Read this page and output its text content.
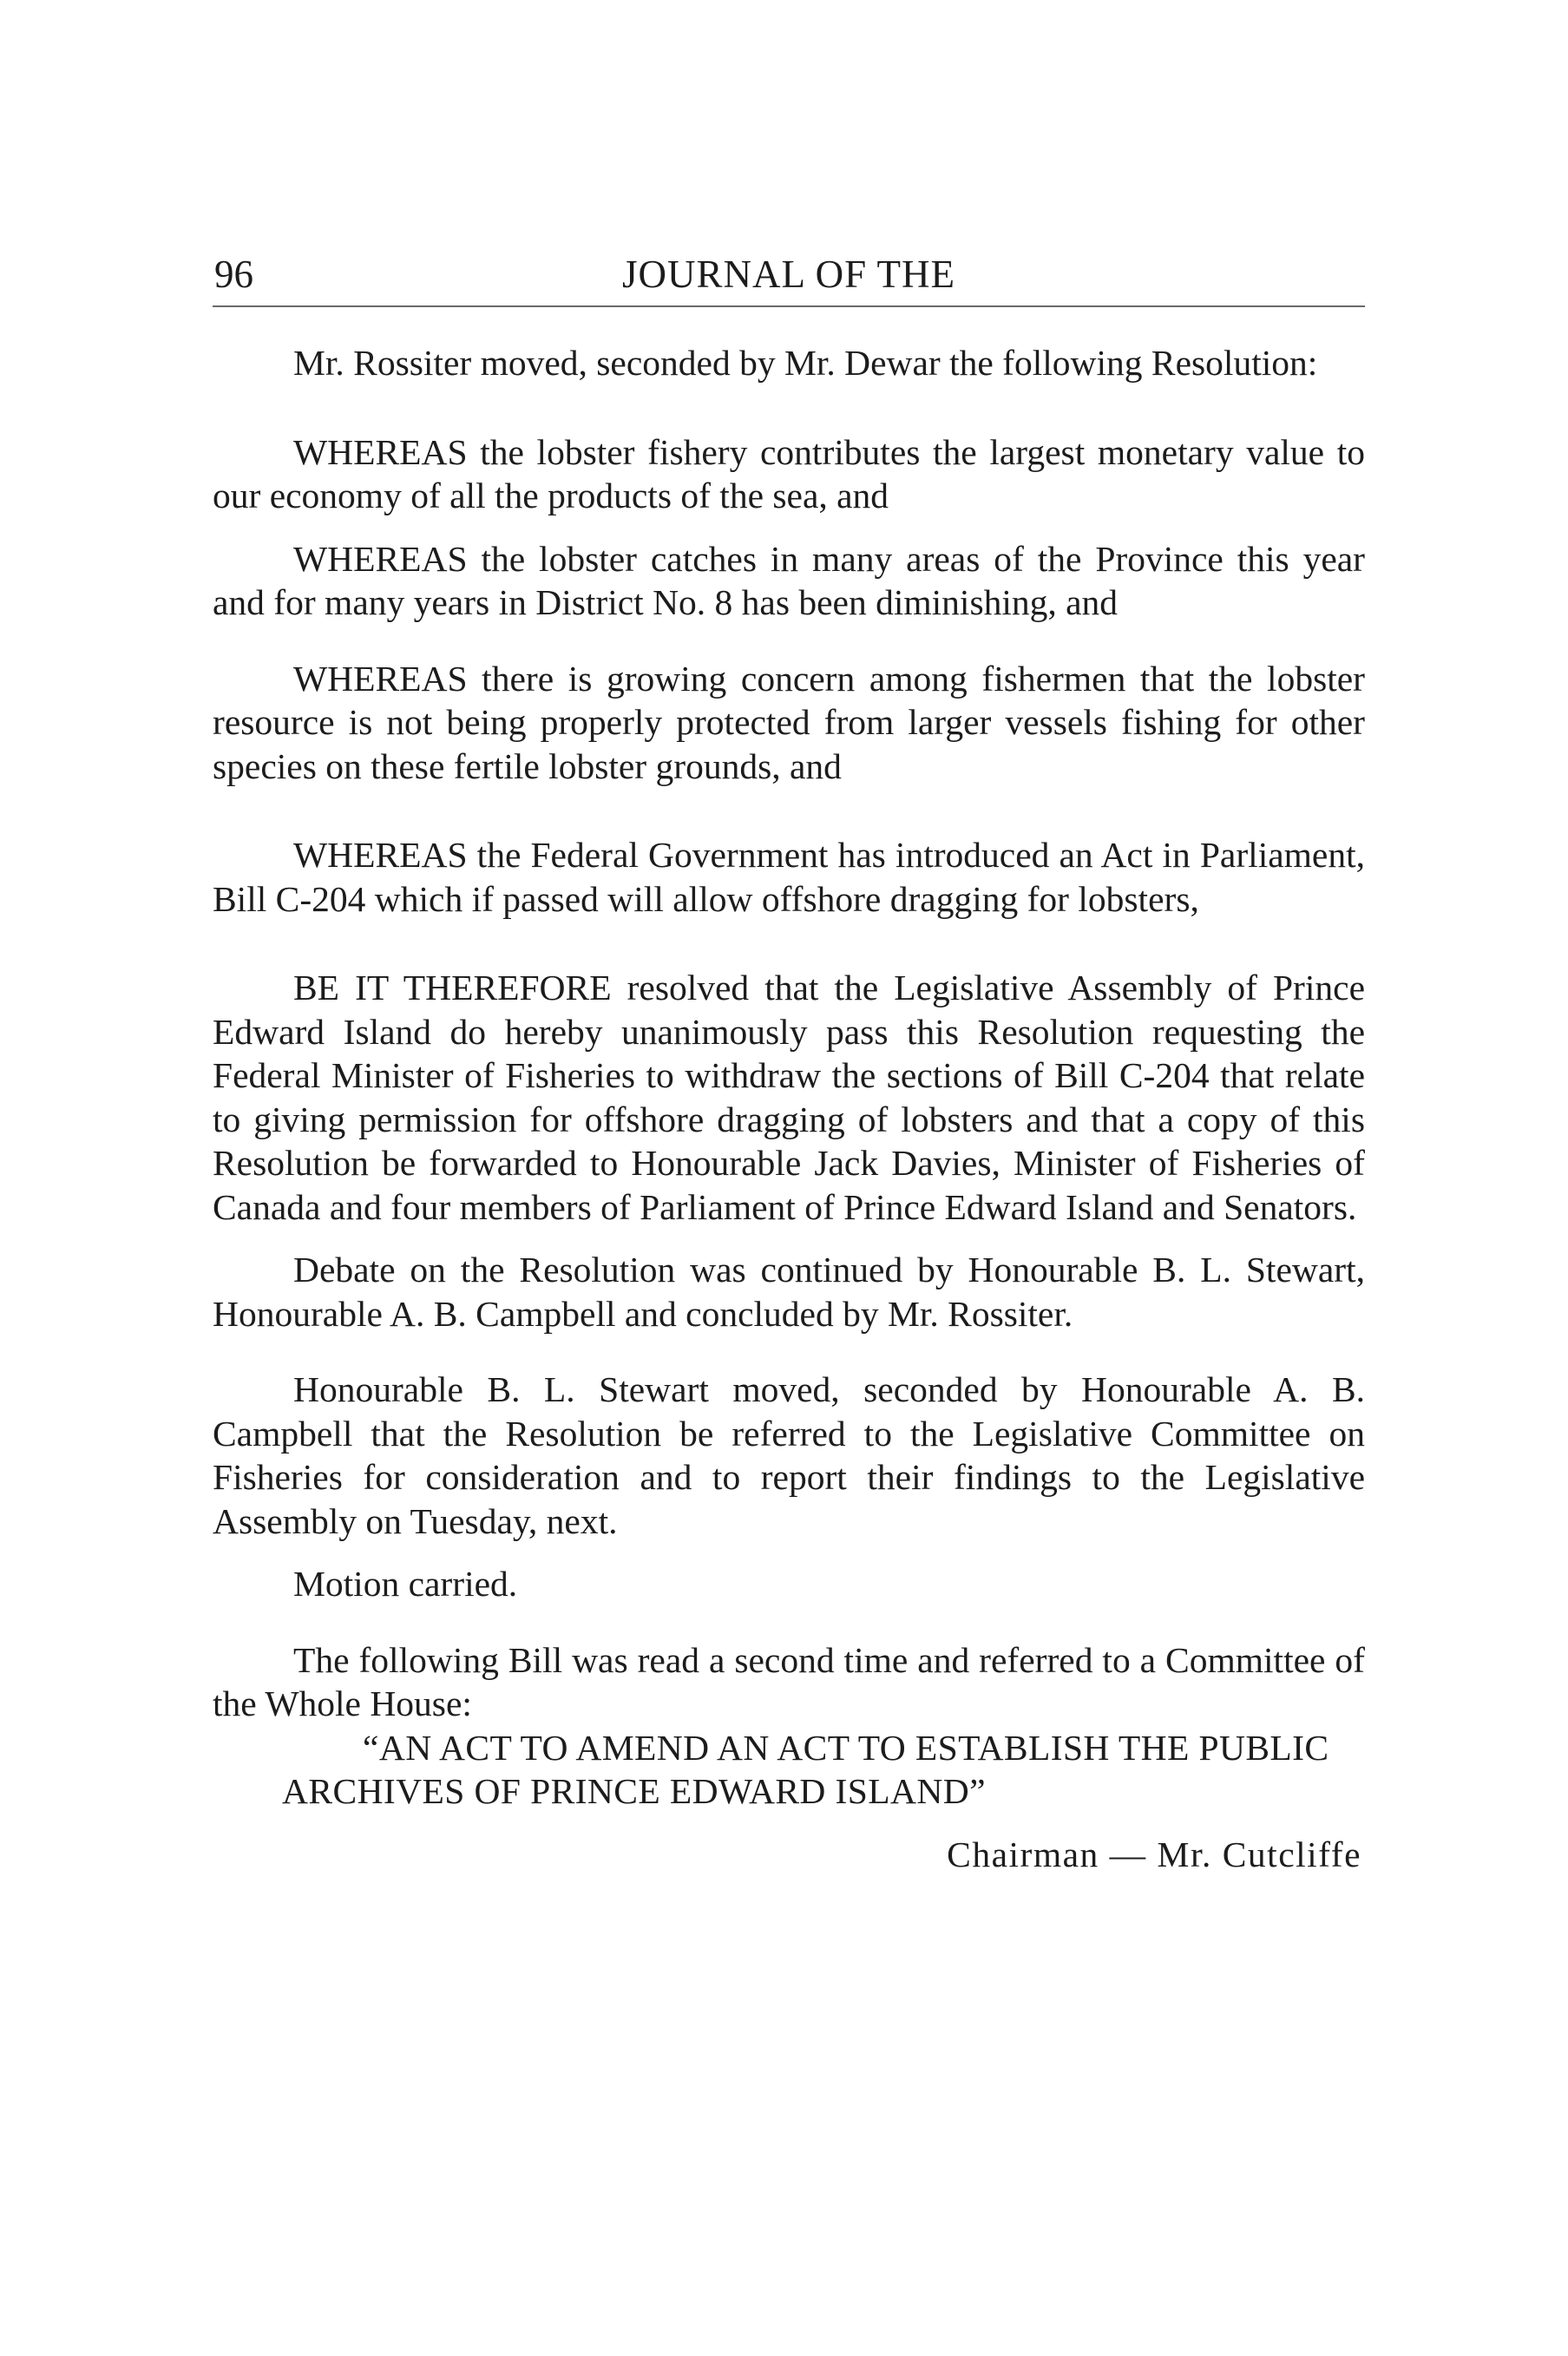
96	JOURNAL OF THE

Mr. Rossiter moved, seconded by Mr. Dewar the following Resolution:

WHEREAS the lobster fishery contributes the largest monetary value to our economy of all the products of the sea, and

WHEREAS the lobster catches in many areas of the Province this year and for many years in District No. 8 has been diminishing, and

WHEREAS there is growing concern among fishermen that the lobster resource is not being properly protected from larger vessels fishing for other species on these fertile lobster grounds, and

WHEREAS the Federal Government has introduced an Act in Parliament, Bill C-204 which if passed will allow offshore dragging for lobsters,

BE IT THEREFORE resolved that the Legislative Assembly of Prince Edward Island do hereby unanimously pass this Resolution requesting the Federal Minister of Fisheries to withdraw the sections of Bill C-204 that relate to giving permission for offshore dragging of lobsters and that a copy of this Resolution be forwarded to Honourable Jack Davies, Minister of Fisheries of Canada and four members of Parliament of Prince Edward Island and Senators.

Debate on the Resolution was continued by Honourable B. L. Stewart, Honourable A. B. Campbell and concluded by Mr. Rossiter.

Honourable B. L. Stewart moved, seconded by Honourable A. B. Campbell that the Resolution be referred to the Legislative Committee on Fisheries for consideration and to report their findings to the Legislative Assembly on Tuesday, next.

Motion carried.

The following Bill was read a second time and referred to a Committee of the Whole House:

“AN ACT TO AMEND AN ACT TO ESTABLISH THE PUBLIC ARCHIVES OF PRINCE EDWARD ISLAND”

Chairman — Mr. Cutcliffe
